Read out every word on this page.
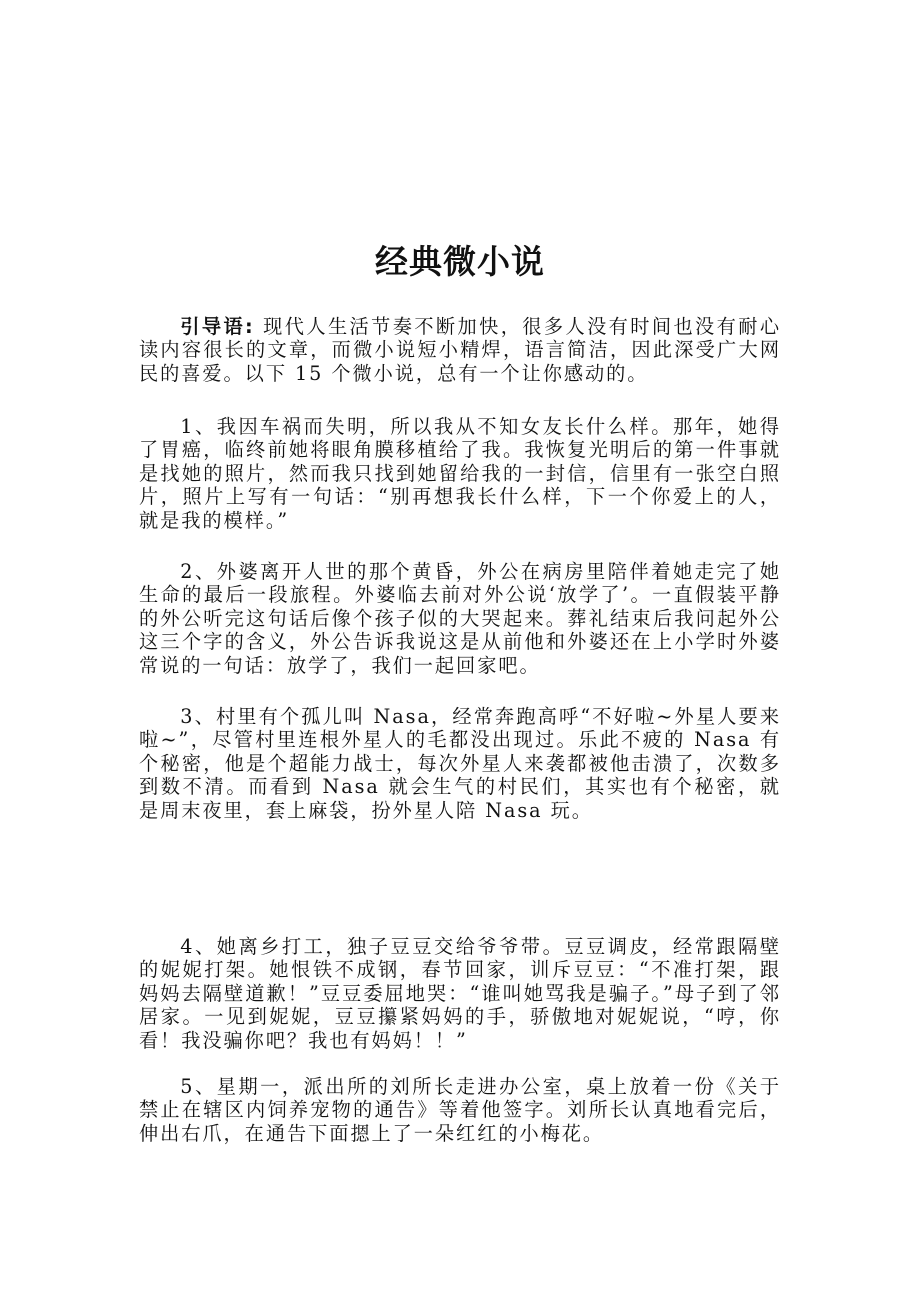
经典微小说
引导语: 现代人生活节奏不断加快，很多人没有时间也没有耐心读内容很长的文章，而微小说短小精焊，语言简洁，因此深受广大网民的喜爱。以下 15 个微小说，总有一个让你感动的。
1、我因车祸而失明，所以我从不知女友长什么样。那年，她得了胃癌，临终前她将眼角膜移植给了我。我恢复光明后的第一件事就是找她的照片，然而我只找到她留给我的一封信，信里有一张空白照片，照片上写有一句话：“别再想我长什么样，下一个你爱上的人，就是我的模样。”
2、外婆离开人世的那个黄昏，外公在病房里陪伴着她走完了她生命的最后一段旅程。外婆临去前对外公说‘放学了’。一直假装平静的外公听完这句话后像个孩子似的大哭起来。葬礼结束后我问起外公这三个字的含义，外公告诉我说这是从前他和外婆还在上小学时外婆常说的一句话：放学了，我们一起回家吧。
3、村里有个孤儿叫 Nasa，经常奔跑高呼“不好啦~外星人要来啦~”，尽管村里连根外星人的毛都没出现过。乐此不疲的 Nasa 有个秘密，他是个超能力战士，每次外星人来袭都被他击溃了，次数多到数不清。而看到 Nasa 就会生气的村民们，其实也有个秘密，就是周末夜里，套上麻袋，扮外星人陪 Nasa 玩。
4、她离乡打工，独子豆豆交给爷爷带。豆豆调皮，经常跟隔壁的妮妮打架。她恨铁不成钢，春节回家，训斥豆豆：“不准打架，跟妈妈去隔壁道歉！”豆豆委屈地哭：“谁叫她骂我是骗子。”母子到了邻居家。一见到妮妮，豆豆攥紧妈妈的手，骄傲地对妮妮说，“哼，你看！我没骗你吧？我也有妈妈！！”
5、星期一，派出所的刘所长走进办公室，桌上放着一份《关于禁止在辖区内饲养宠物的通告》等着他签字。刘所长认真地看完后，伸出右爪，在通告下面摁上了一朵红红的小梅花。
